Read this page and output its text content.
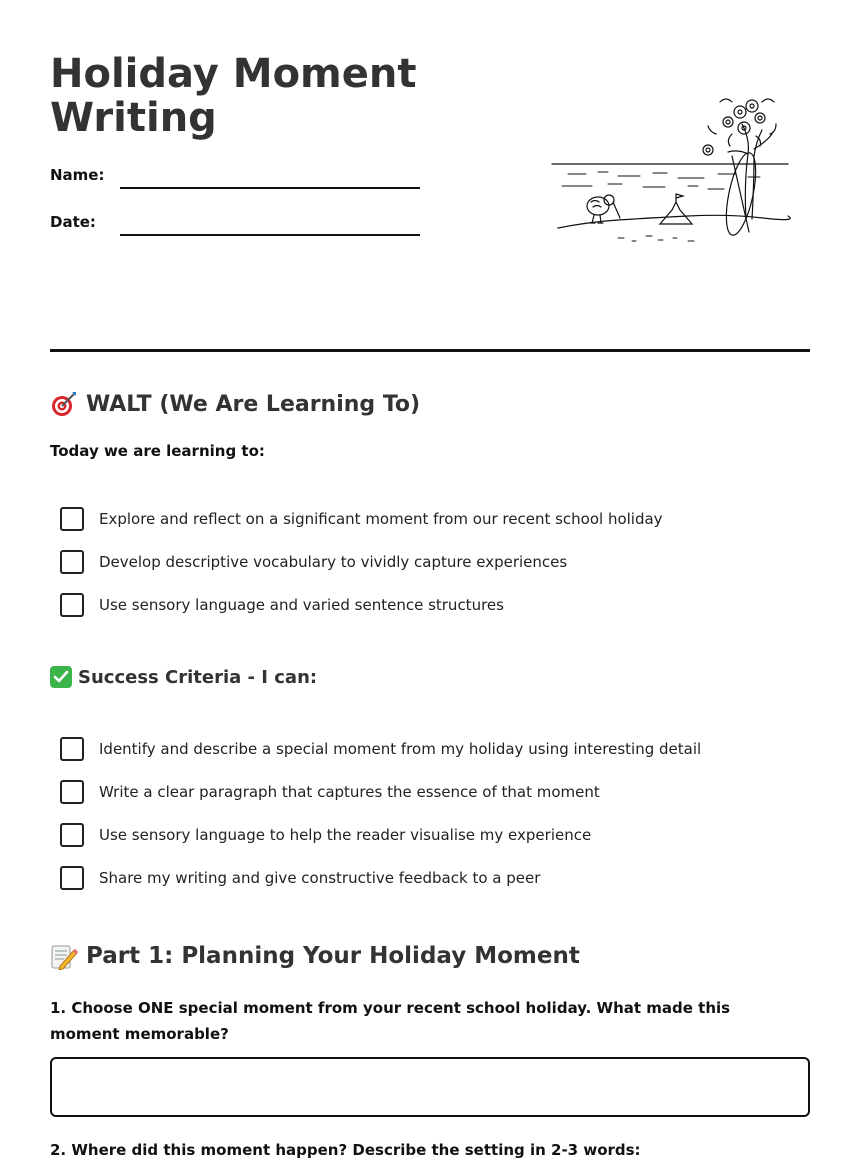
Holiday Moment Writing
Name:
Date:
WALT (We Are Learning To)
Today we are learning to:
Explore and reflect on a significant moment from our recent school holiday
Develop descriptive vocabulary to vividly capture experiences
Use sensory language and varied sentence structures
Success Criteria - I can:
Identify and describe a special moment from my holiday using interesting detail
Write a clear paragraph that captures the essence of that moment
Use sensory language to help the reader visualise my experience
Share my writing and give constructive feedback to a peer
Part 1: Planning Your Holiday Moment
1. Choose ONE special moment from your recent school holiday. What made this moment memorable?
2. Where did this moment happen? Describe the setting in 2-3 words:
